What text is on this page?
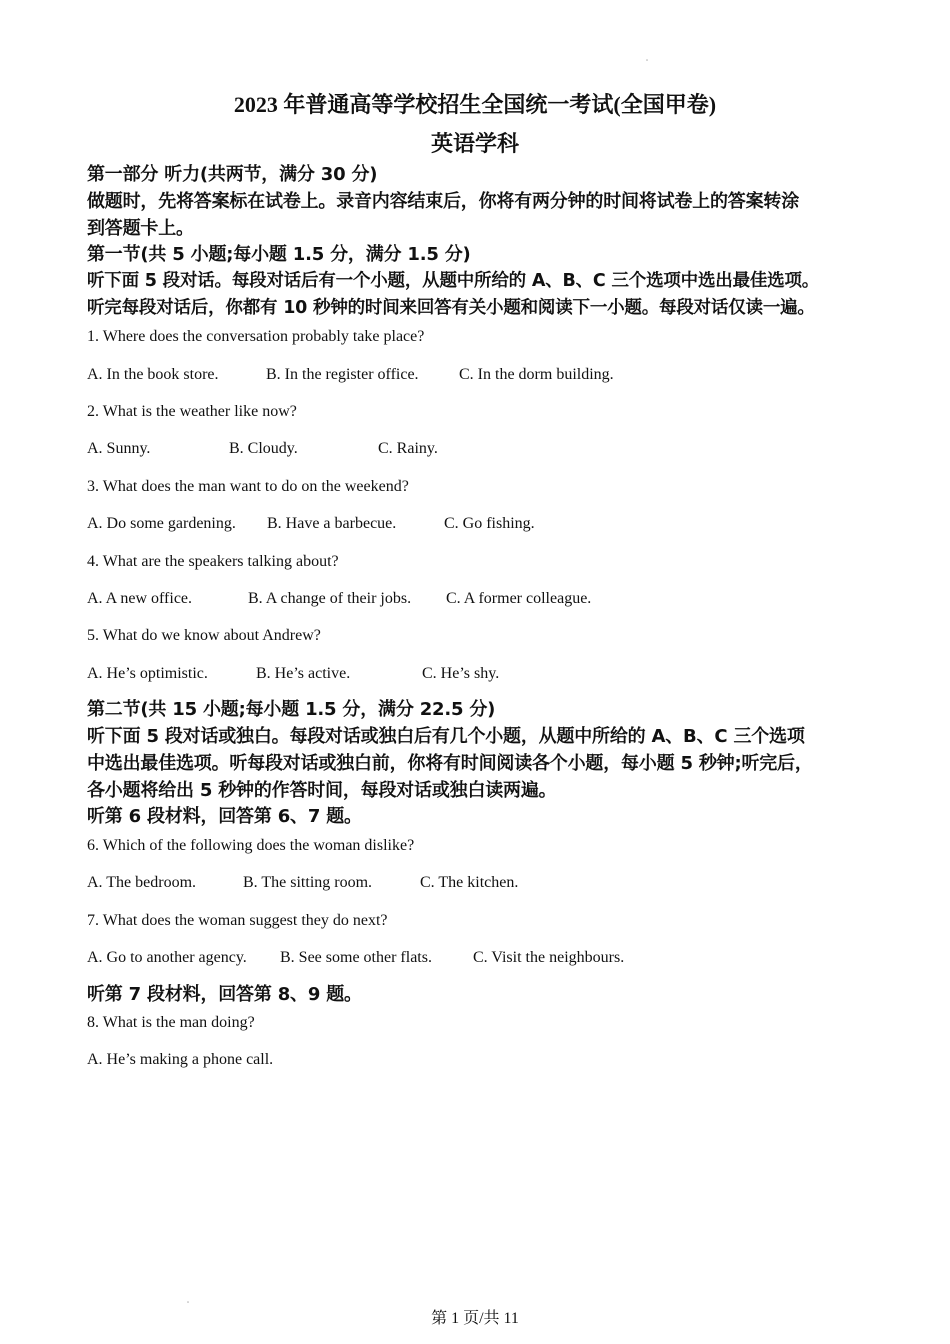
ˇ
2023 年普通高等学校招生全国统一考试(全国甲卷)
英语学科
第一部分 听力(共两节，满分 30 分)
做题时，先将答案标在试卷上。录音内容结束后，你将有两分钟的时间将试卷上的答案转涂
到答题卡上。
第一节(共 5 小题;每小题 1.5 分，满分 1.5 分)
听下面 5 段对话。每段对话后有一个小题，从题中所给的 A、B、C 三个选项中选出最佳选项。
听完每段对话后，你都有 10 秒钟的时间来回答有关小题和阅读下一小题。每段对话仅读一遍。
1. Where does the conversation probably take place?
A. In the book store.	B. In the register office.	C. In the dorm building.
2. What is the weather like now?
A. Sunny.	B. Cloudy.	C. Rainy.
3. What does the man want to do on the weekend?
A. Do some gardening. B. Have a barbecue.	C. Go fishing.
4. What are the speakers talking about?
A. A new office.	B. A change of their jobs. C. A former colleague.
5. What do we know about Andrew?
A. He’s optimistic.	B. He’s active.	C. He’s shy.
第二节(共 15 小题;每小题 1.5 分，满分 22.5 分)
听下面 5 段对话或独白。每段对话或独白后有几个小题，从题中所给的 A、B、C 三个选项
中选出最佳选项。听每段对话或独白前，你将有时间阅读各个小题，每小题 5 秒钟;听完后，
各小题将给出 5 秒钟的作答时间，每段对话或独白读两遍。
听第 6 段材料，回答第 6、7 题。
6. Which of the following does the woman dislike?
A. The bedroom.	B. The sitting room.	C. The kitchen.
7. What does the woman suggest they do next?
A. Go to another agency. B. See some other flats.	C. Visit the neighbours.
听第 7 段材料，回答第 8、9 题。
8. What is the man doing?
A. He’s making a phone call.
ˇ
第 1 页/共 11
